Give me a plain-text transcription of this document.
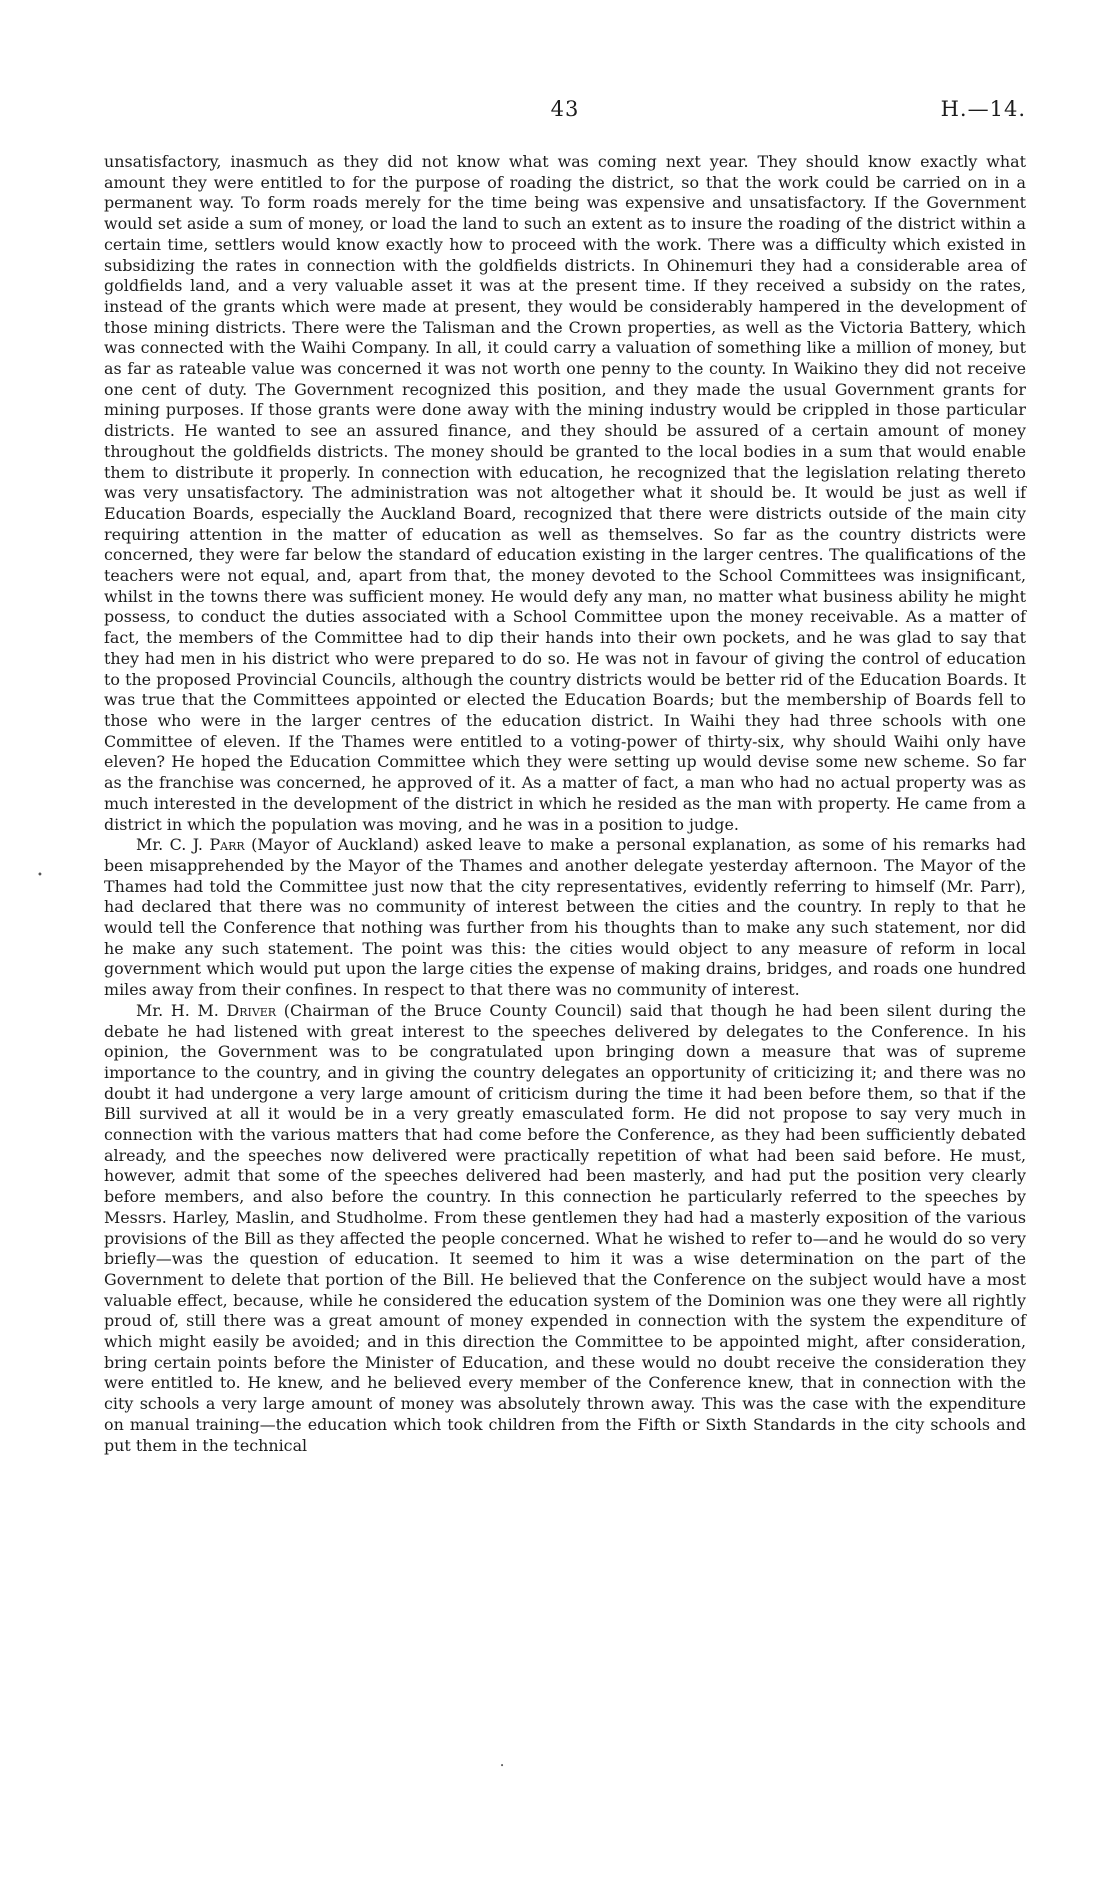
43	H.—14.

unsatisfactory, inasmuch as they did not know what was coming next year. They should know exactly what amount they were entitled to for the purpose of roading the district, so that the work could be carried on in a permanent way. To form roads merely for the time being was expensive and unsatisfactory. If the Government would set aside a sum of money, or load the land to such an extent as to insure the roading of the district within a certain time, settlers would know exactly how to proceed with the work. There was a difficulty which existed in subsidizing the rates in connection with the goldfields districts. In Ohinemuri they had a considerable area of goldfields land, and a very valuable asset it was at the present time. If they received a subsidy on the rates, instead of the grants which were made at present, they would be considerably hampered in the development of those mining districts. There were the Talisman and the Crown properties, as well as the Victoria Battery, which was connected with the Waihi Company. In all, it could carry a valuation of something like a million of money, but as far as rateable value was concerned it was not worth one penny to the county. In Waikino they did not receive one cent of duty. The Government recognized this position, and they made the usual Government grants for mining purposes. If those grants were done away with the mining industry would be crippled in those particular districts. He wanted to see an assured finance, and they should be assured of a certain amount of money throughout the goldfields districts. The money should be granted to the local bodies in a sum that would enable them to distribute it properly. In connection with education, he recognized that the legislation relating thereto was very unsatisfactory. The administration was not altogether what it should be. It would be just as well if Education Boards, especially the Auckland Board, recognized that there were districts outside of the main city requiring attention in the matter of education as well as themselves. So far as the country districts were concerned, they were far below the standard of education existing in the larger centres. The qualifications of the teachers were not equal, and, apart from that, the money devoted to the School Committees was insignificant, whilst in the towns there was sufficient money. He would defy any man, no matter what business ability he might possess, to conduct the duties associated with a School Committee upon the money receivable. As a matter of fact, the members of the Committee had to dip their hands into their own pockets, and he was glad to say that they had men in his district who were prepared to do so. He was not in favour of giving the control of education to the proposed Provincial Councils, although the country districts would be better rid of the Education Boards. It was true that the Committees appointed or elected the Education Boards; but the membership of Boards fell to those who were in the larger centres of the education district. In Waihi they had three schools with one Committee of eleven. If the Thames were entitled to a voting-power of thirty-six, why should Waihi only have eleven? He hoped the Education Committee which they were setting up would devise some new scheme. So far as the franchise was concerned, he approved of it. As a matter of fact, a man who had no actual property was as much interested in the development of the district in which he resided as the man with property. He came from a district in which the population was moving, and he was in a position to judge.

Mr. C. J. Parr (Mayor of Auckland) asked leave to make a personal explanation, as some of his remarks had been misapprehended by the Mayor of the Thames and another delegate yesterday afternoon. The Mayor of the Thames had told the Committee just now that the city representatives, evidently referring to himself (Mr. Parr), had declared that there was no community of interest between the cities and the country. In reply to that he would tell the Conference that nothing was further from his thoughts than to make any such statement, nor did he make any such statement. The point was this: the cities would object to any measure of reform in local government which would put upon the large cities the expense of making drains, bridges, and roads one hundred miles away from their confines. In respect to that there was no community of interest.

Mr. H. M. Driver (Chairman of the Bruce County Council) said that though he had been silent during the debate he had listened with great interest to the speeches delivered by delegates to the Conference. In his opinion, the Government was to be congratulated upon bringing down a measure that was of supreme importance to the country, and in giving the country delegates an opportunity of criticizing it; and there was no doubt it had undergone a very large amount of criticism during the time it had been before them, so that if the Bill survived at all it would be in a very greatly emasculated form. He did not propose to say very much in connection with the various matters that had come before the Conference, as they had been sufficiently debated already, and the speeches now delivered were practically repetition of what had been said before. He must, however, admit that some of the speeches delivered had been masterly, and had put the position very clearly before members, and also before the country. In this connection he particularly referred to the speeches by Messrs. Harley, Maslin, and Studholme. From these gentlemen they had had a masterly exposition of the various provisions of the Bill as they affected the people concerned. What he wished to refer to—and he would do so very briefly—was the question of education. It seemed to him it was a wise determination on the part of the Government to delete that portion of the Bill. He believed that the Conference on the subject would have a most valuable effect, because, while he considered the education system of the Dominion was one they were all rightly proud of, still there was a great amount of money expended in connection with the system the expenditure of which might easily be avoided; and in this direction the Committee to be appointed might, after consideration, bring certain points before the Minister of Education, and these would no doubt receive the consideration they were entitled to. He knew, and he believed every member of the Conference knew, that in connection with the city schools a very large amount of money was absolutely thrown away. This was the case with the expenditure on manual training—the education which took children from the Fifth or Sixth Standards in the city schools and put them in the technical

•
•
